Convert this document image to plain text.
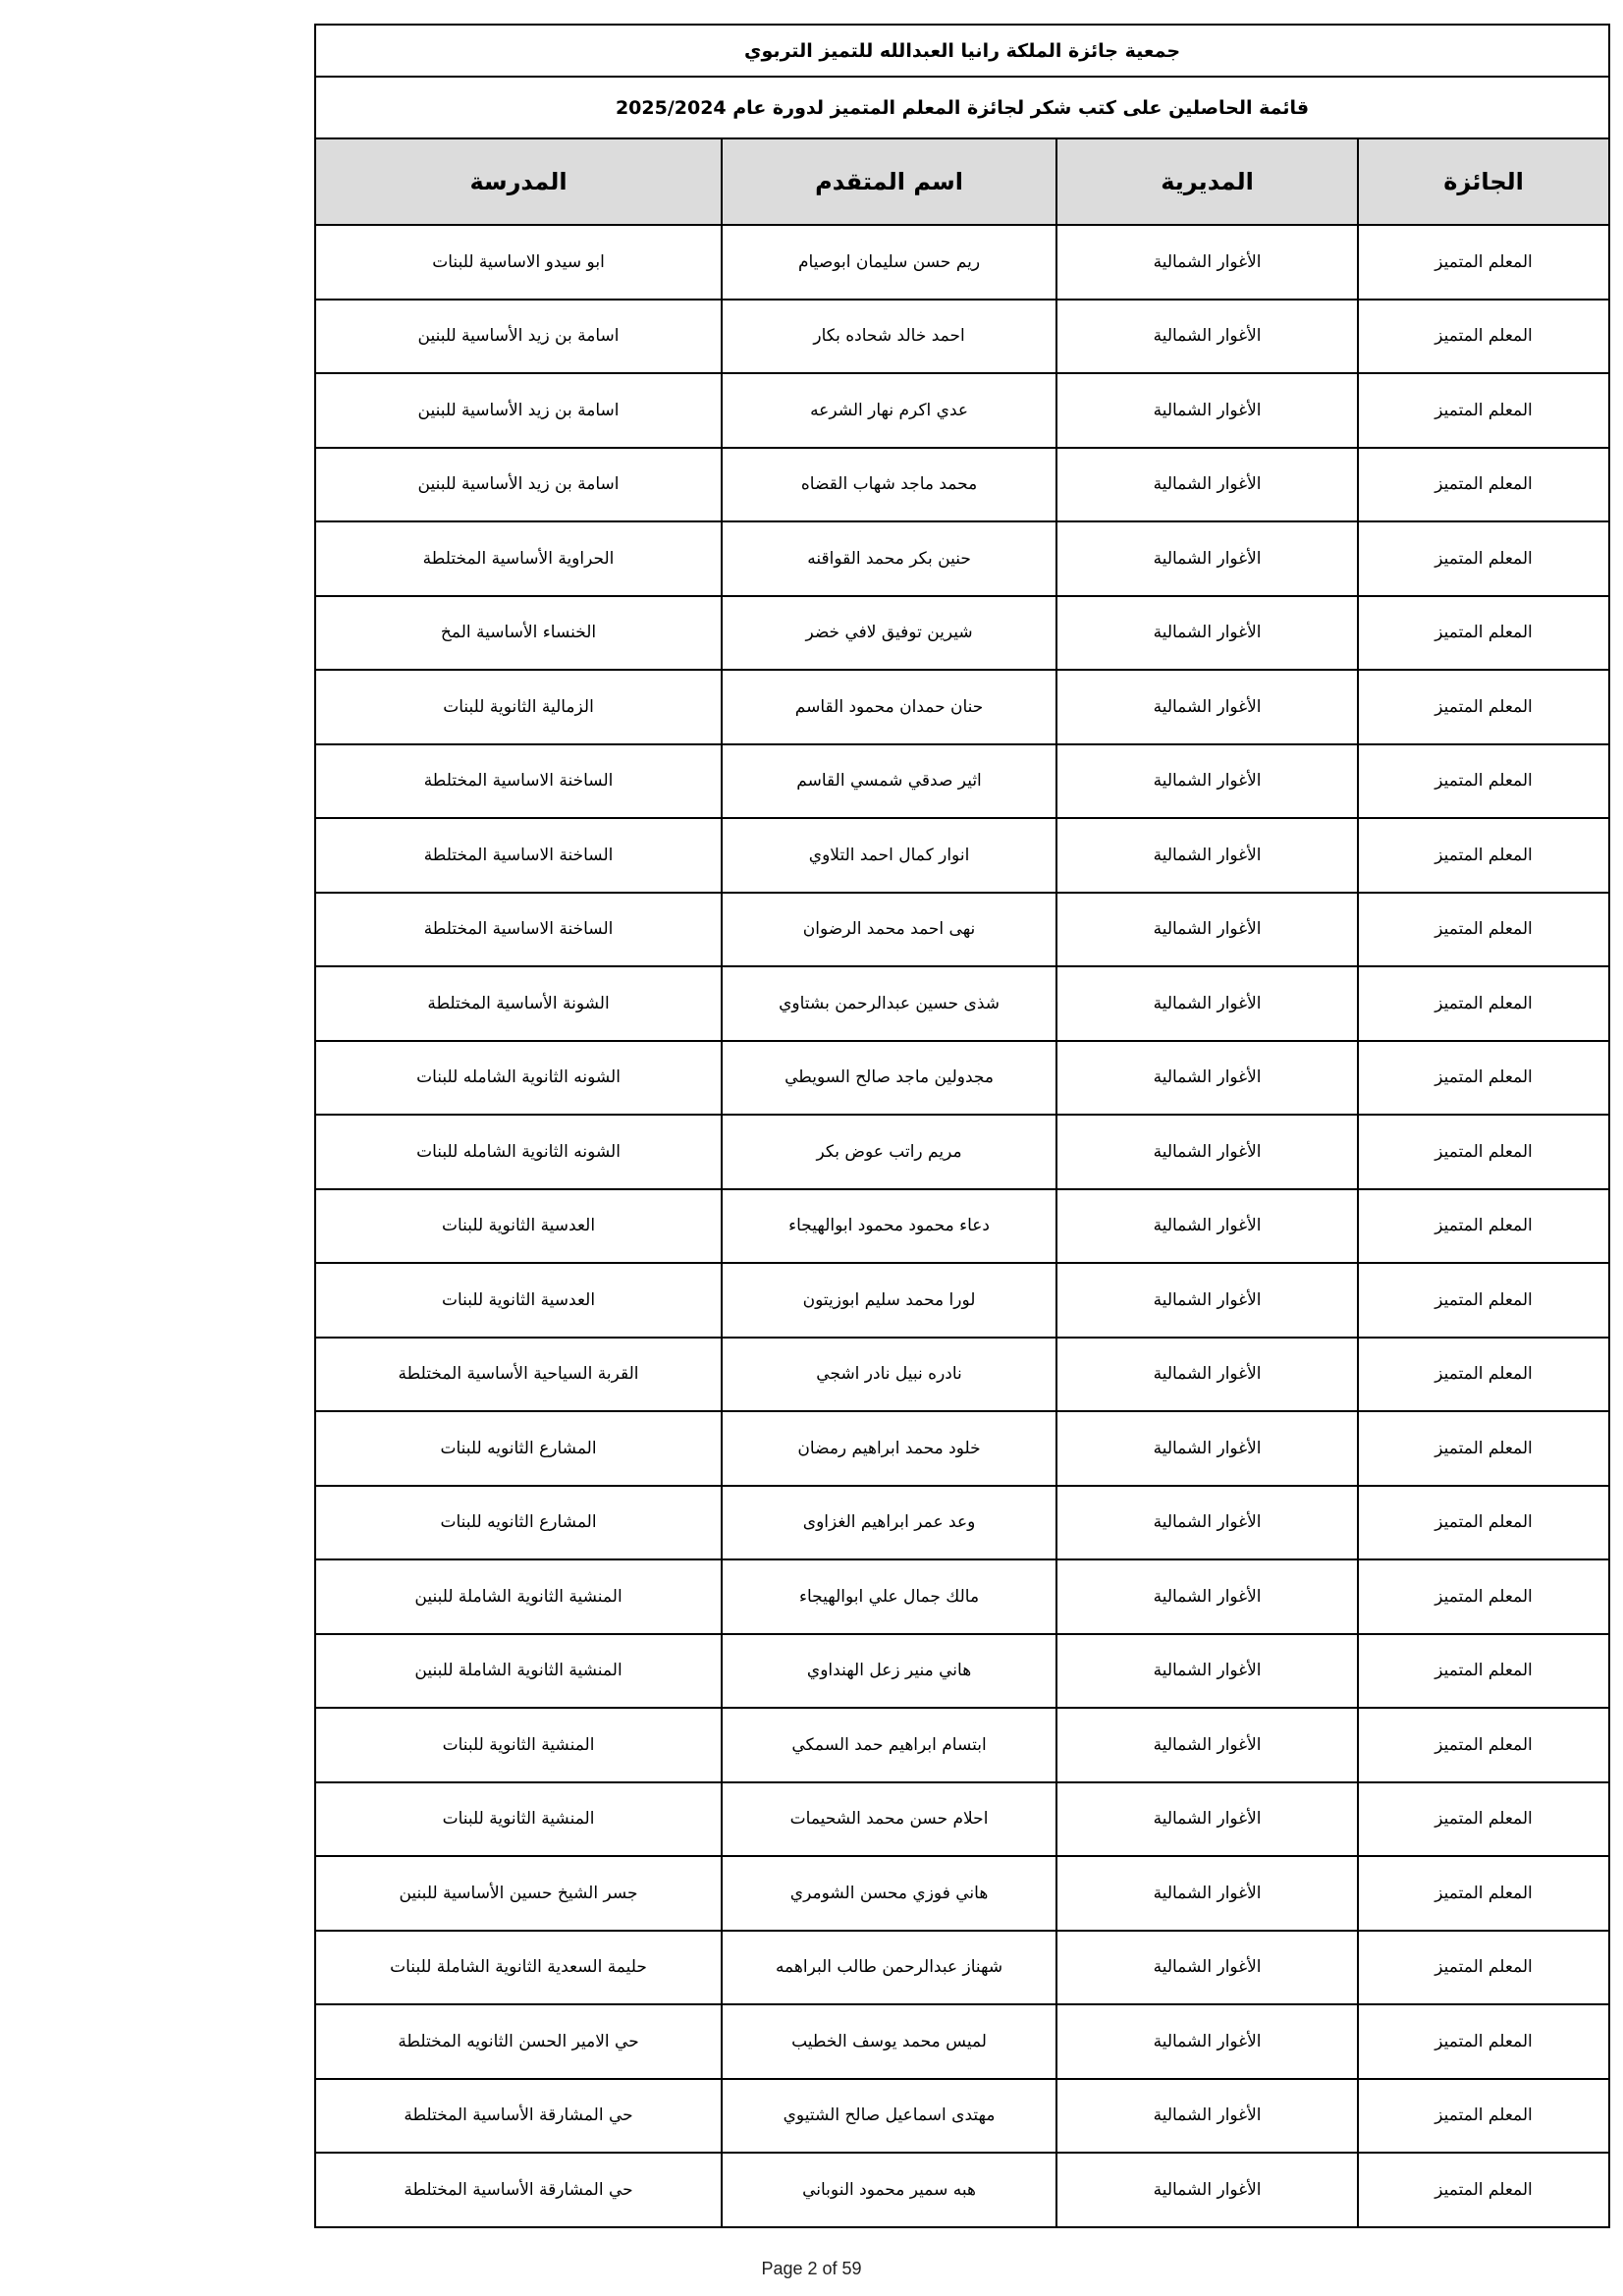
جمعية جائزة الملكة رانيا العبدالله للتميز التربوي			
قائمة الحاصلين على كتب شكر لجائزة المعلم المتميز لدورة عام 2025/2024			
الجائزة	المديرية	اسم المتقدم	المدرسة
المعلم المتميز	الأغوار الشمالية	ريم حسن سليمان ابوصيام	ابو سيدو الاساسية للبنات
المعلم المتميز	الأغوار الشمالية	احمد خالد شحاده بكار	اسامة بن زيد الأساسية للبنين
المعلم المتميز	الأغوار الشمالية	عدي اكرم نهار الشرعه	اسامة بن زيد الأساسية للبنين
المعلم المتميز	الأغوار الشمالية	محمد ماجد شهاب القضاه	اسامة بن زيد الأساسية للبنين
المعلم المتميز	الأغوار الشمالية	حنين بكر محمد القواقنه	الحراوية الأساسية المختلطة
المعلم المتميز	الأغوار الشمالية	شيرين توفيق لافي خضر	الخنساء الأساسية المخ
المعلم المتميز	الأغوار الشمالية	حنان حمدان محمود القاسم	الزمالية الثانوية للبنات
المعلم المتميز	الأغوار الشمالية	اثير صدقي شمسي القاسم	الساخنة الاساسية المختلطة
المعلم المتميز	الأغوار الشمالية	انوار كمال احمد التلاوي	الساخنة الاساسية المختلطة
المعلم المتميز	الأغوار الشمالية	نهى احمد محمد الرضوان	الساخنة الاساسية المختلطة
المعلم المتميز	الأغوار الشمالية	شذى حسين عبدالرحمن بشتاوي	الشونة الأساسية المختلطة
المعلم المتميز	الأغوار الشمالية	مجدولين ماجد صالح السويطي	الشونه الثانوية الشامله للبنات
المعلم المتميز	الأغوار الشمالية	مريم راتب عوض بكر	الشونه الثانوية الشامله للبنات
المعلم المتميز	الأغوار الشمالية	دعاء محمود محمود ابوالهيجاء	العدسية الثانوية للبنات
المعلم المتميز	الأغوار الشمالية	لورا محمد سليم ابوزيتون	العدسية الثانوية للبنات
المعلم المتميز	الأغوار الشمالية	نادره نبيل نادر اشجي	القربة السياحية الأساسية المختلطة
المعلم المتميز	الأغوار الشمالية	خلود محمد ابراهيم رمضان	المشارع الثانويه للبنات
المعلم المتميز	الأغوار الشمالية	وعد عمر ابراهيم الغزاوى	المشارع الثانويه للبنات
المعلم المتميز	الأغوار الشمالية	مالك جمال علي ابوالهيجاء	المنشية الثانوية الشاملة للبنين
المعلم المتميز	الأغوار الشمالية	هاني منير زعل الهنداوي	المنشية الثانوية الشاملة للبنين
المعلم المتميز	الأغوار الشمالية	ابتسام ابراهيم حمد السمكي	المنشية الثانوية للبنات
المعلم المتميز	الأغوار الشمالية	احلام حسن محمد الشحيمات	المنشية الثانوية للبنات
المعلم المتميز	الأغوار الشمالية	هاني فوزي محسن الشومري	جسر الشيخ حسين الأساسية للبنين
المعلم المتميز	الأغوار الشمالية	شهناز عبدالرحمن طالب البراهمه	حليمة السعدية الثانوية الشاملة للبنات
المعلم المتميز	الأغوار الشمالية	لميس محمد يوسف الخطيب	حي الامير الحسن الثانويه المختلطة
المعلم المتميز	الأغوار الشمالية	مهتدى اسماعيل صالح الشتيوي	حي المشارقة الأساسية المختلطة
المعلم المتميز	الأغوار الشمالية	هبه سمير محمود النوباني	حي المشارقة الأساسية المختلطة
Page 2 of 59
